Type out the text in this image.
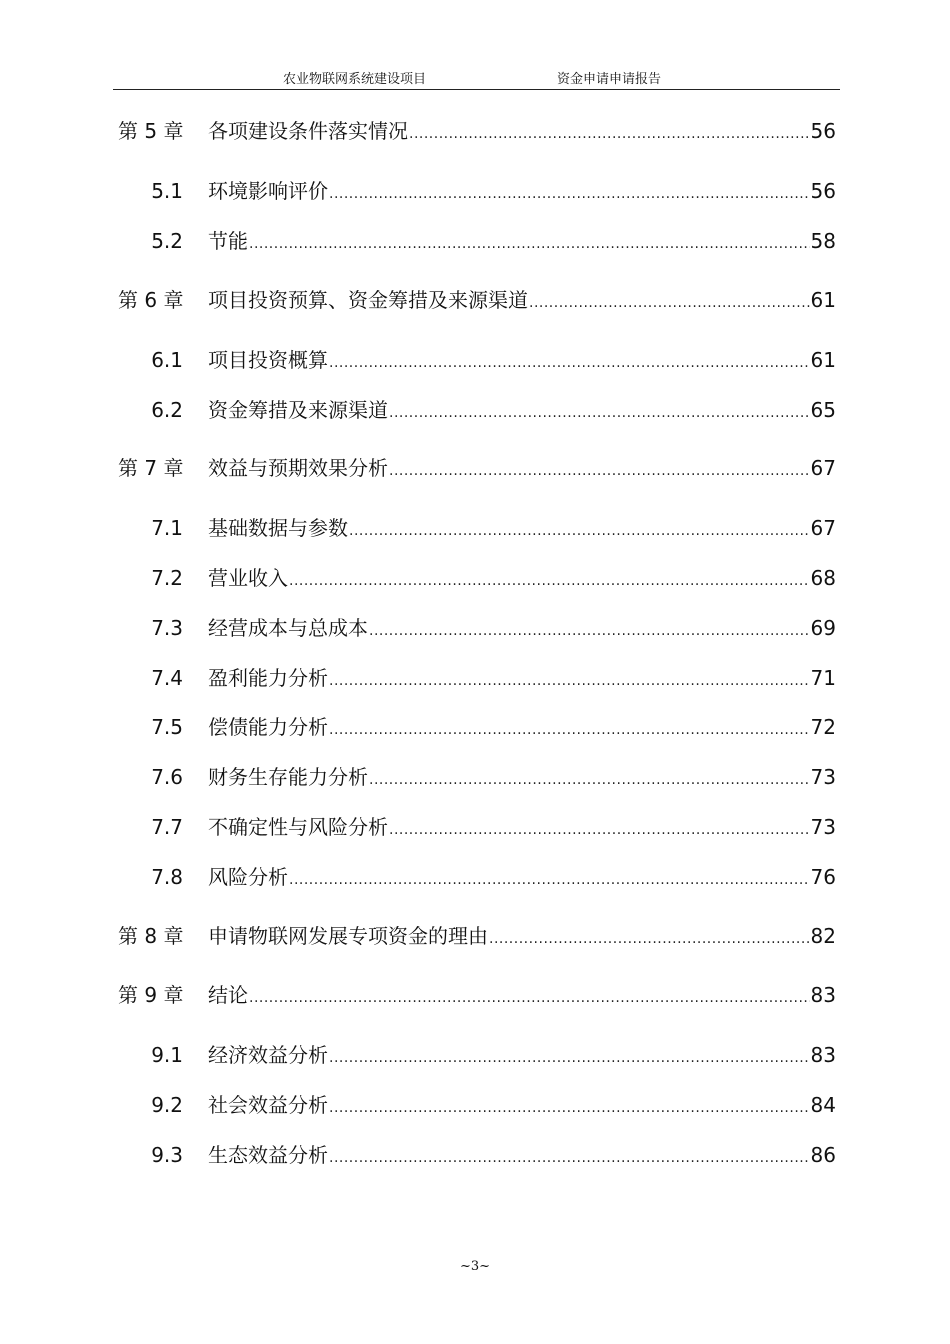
农业物联网系统建设项目	资金申请申请报告
第 5 章 各项建设条件落实情况 .....	56
5.1 环境影响评价 .....	56
5.2 节能 .....	58
第 6 章 项目投资预算、资金筹措及来源渠道 .....	61
6.1 项目投资概算 .....	61
6.2 资金筹措及来源渠道 .....	65
第 7 章 效益与预期效果分析 .....	67
7.1 基础数据与参数 .....	67
7.2 营业收入 .....	68
7.3 经营成本与总成本 .....	69
7.4 盈利能力分析 .....	71
7.5 偿债能力分析 .....	72
7.6 财务生存能力分析 .....	73
7.7 不确定性与风险分析 .....	73
7.8 风险分析 .....	76
第 8 章 申请物联网发展专项资金的理由 .....	82
第 9 章 结论 .....	83
9.1 经济效益分析 .....	83
9.2 社会效益分析 .....	84
9.3 生态效益分析 .....	86
~3~
